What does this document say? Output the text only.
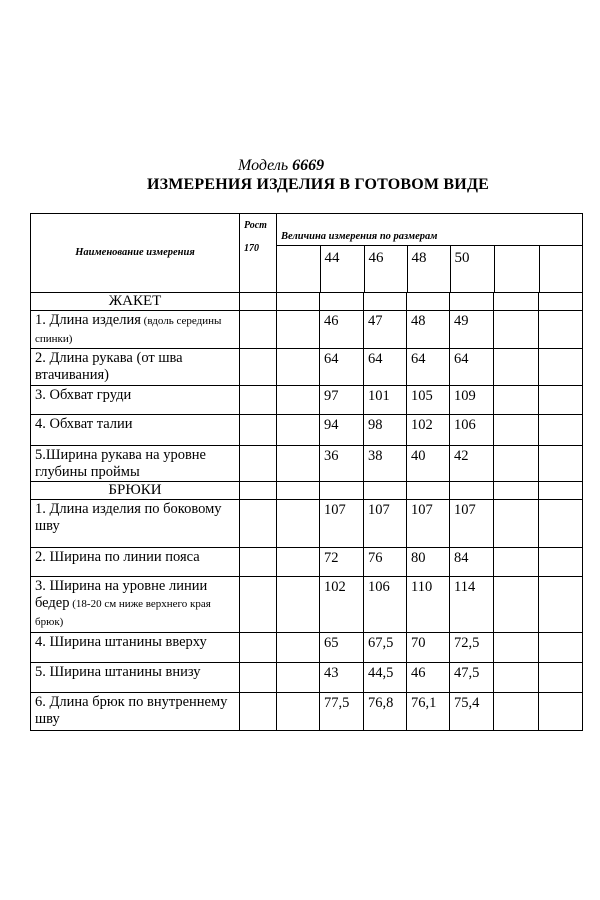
Модель 6669
ИЗМЕРЕНИЯ ИЗДЕЛИЯ В ГОТОВОМ ВИДЕ
Наименование измерения	
Рост
170

Величина измерения по размерам
	44	46	48	50		

ЖАКЕТ								
1. Длина изделия (вдоль середины спинки)			46	47	48	49		
2. Длина рукава (от шва втачивания)			64	64	64	64		
3. Обхват груди			97	101	105	109		
4. Обхват талии			94	98	102	106		
5.Ширина рукава на уровне глубины проймы			36	38	40	42		
БРЮКИ								
1. Длина изделия по боковому шву			107	107	107	107		
2. Ширина по линии пояса			72	76	80	84		
3. Ширина на уровне линии бедер (18-20 см ниже верхнего края брюк)			102	106	110	114		
4. Ширина штанины вверху			65	67,5	70	72,5		
5. Ширина штанины внизу			43	44,5	46	47,5		
6. Длина брюк по внутреннему шву			77,5	76,8	76,1	75,4		
